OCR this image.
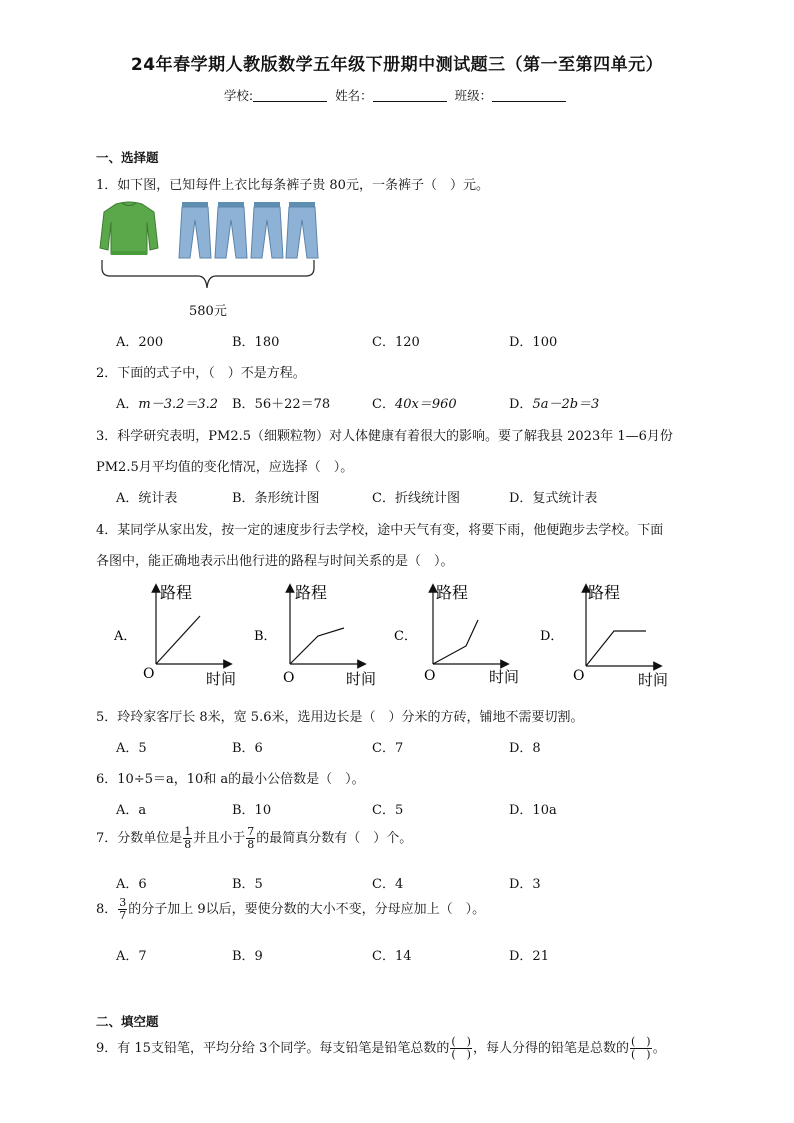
24年春学期人教版数学五年级下册期中测试题三（第一至第四单元）
学校:	姓名：	班级：
一、选择题
1．如下图，已知每件上衣比每条裤子贵 80元，一条裤子（　）元。
580元
A．200	B．180	C．120	D．100
2．下面的式子中，（　）不是方程。
A．m－3.2＝3.2 B．56＋22＝78	C．40x＝960	D．5a－2b＝3
3．科学研究表明，PM2.5（细颗粒物）对人体健康有着很大的影响。要了解我县 2023年 1—6月份
PM2.5月平均值的变化情况，应选择（　）。
A．统计表	B．条形统计图	C．折线统计图	D．复式统计表
4．某同学从家出发，按一定的速度步行去学校，途中天气有变，将要下雨，他便跑步去学校。下面
各图中，能正确地表示出他行进的路程与时间关系的是（　）。
A．
路程
时间
O
B．
路程
时间
O
C．
路程
时间
O
D．
路程
时间
O
5．玲玲家客厅长 8米，宽 5.6米，选用边长是（　）分米的方砖，铺地不需要切割。
A．5	B．6	C．7	D．8
6．10÷5＝a，10和 a的最小公倍数是（　）。
A．a	B．10	C．5	D．10a
7．分数单位是 $\frac{1}{8}$ 并且小于 $\frac{7}{8}$ 的最简真分数有（　）个。
A．6	B．5	C．4	D．3
8． $\frac{3}{7}$ 的分子加上 9以后，要使分数的大小不变，分母应加上（　）。
A．7	B．9	C．14	D．21
二、填空题
9．有 15支铅笔，平均分给 3个同学。每支铅笔是铅笔总数的 $\frac{( )}{( )}$ ，每人分得的铅笔是总数的 $\frac{( )}{( )}$ 。
